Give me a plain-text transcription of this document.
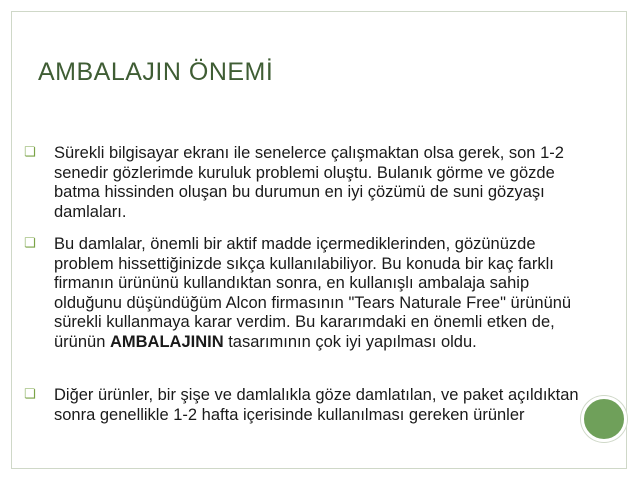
AMBALAJIN ÖNEMİ
❏ Sürekli bilgisayar ekranı ile senelerce çalışmaktan olsa gerek, son 1-2 senedir gözlerimde kuruluk problemi oluştu. Bulanık görme ve gözde batma hissinden oluşan bu durumun en iyi çözümü de suni gözyaşı damlaları.
❏ Bu damlalar, önemli bir aktif madde içermediklerinden, gözünüzde problem hissettiğinizde sıkça kullanılabiliyor. Bu konuda bir kaç farklı firmanın ürününü kullandıktan sonra, en kullanışlı ambalaja sahip olduğunu düşündüğüm Alcon firmasının "Tears Naturale Free" ürününü sürekli kullanmaya karar verdim. Bu kararımdaki en önemli etken de, ürünün AMBALAJININ tasarımının çok iyi yapılması oldu.
❏ Diğer ürünler, bir şişe ve damlalıkla göze damlatılan, ve paket açıldıktan sonra genellikle 1-2 hafta içerisinde kullanılması gereken ürünler
